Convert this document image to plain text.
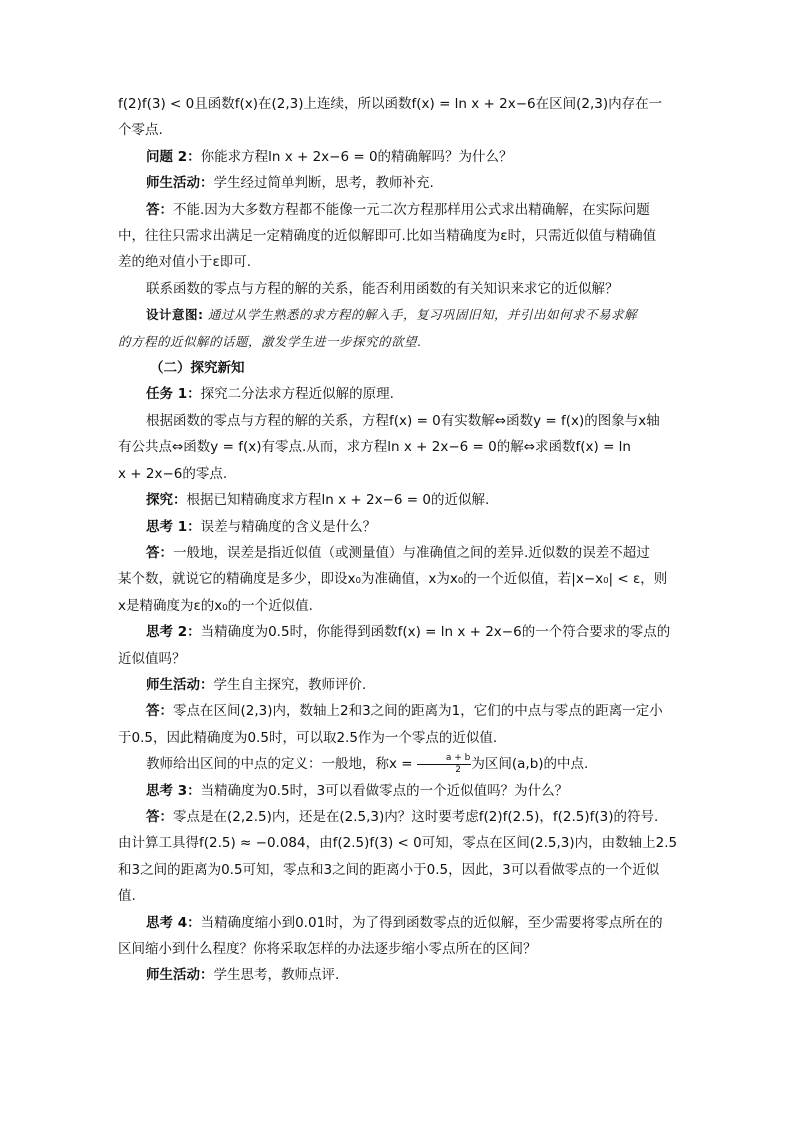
f(2)f(3) < 0且函数f(x)在(2,3)上连续，所以函数f(x) = ln x + 2x−6在区间(2,3)内存在一
个零点.

问题 2：你能求方程ln x + 2x−6 = 0的精确解吗？为什么？

师生活动：学生经过简单判断，思考，教师补充.

答：不能.因为大多数方程都不能像一元二次方程那样用公式求出精确解，在实际问题

中，往往只需求出满足一定精确度的近似解即可.比如当精确度为ε时，只需近似值与精确值
差的绝对值小于ε即可.

联系函数的零点与方程的解的关系，能否利用函数的有关知识来求它的近似解？

设计意图: 通过从学生熟悉的求方程的解入手，复习巩固旧知，并引出如何求不易求解

的方程的近似解的话题，激发学生进一步探究的欲望.

（二）探究新知

任务 1：探究二分法求方程近似解的原理.

根据函数的零点与方程的解的关系，方程f(x) = 0有实数解⇔函数y = f(x)的图象与x轴

有公共点⇔函数y = f(x)有零点.从而，求方程ln x + 2x−6 = 0的解⇔求函数f(x) = ln
x + 2x−6的零点.

探究：根据已知精确度求方程ln x + 2x−6 = 0的近似解.

思考 1：误差与精确度的含义是什么？

答：一般地，误差是指近似值（或测量值）与准确值之间的差异.近似数的误差不超过

某个数，就说它的精确度是多少，即设x₀为准确值，x为x₀的一个近似值，若|x−x₀| < ε，则
x是精确度为ε的x₀的一个近似值.

思考 2：当精确度为0.5时，你能得到函数f(x) = ln x + 2x−6的一个符合要求的零点的

近似值吗？

师生活动：学生自主探究，教师评价.

答：零点在区间(2,3)内，数轴上2和3之间的距离为1，它们的中点与零点的距离一定小

于0.5，因此精确度为0.5时，可以取2.5作为一个零点的近似值.

教师给出区间的中点的定义：一般地，称$x = \frac{a + b}{2}$ 为区间(a,b)的中点.

思考 3：当精确度为0.5时，3可以看做零点的一个近似值吗？为什么？

答：零点是在(2,2.5)内，还是在(2.5,3)内？这时要考虑f(2)f(2.5)，f(2.5)f(3)的符号.

由计算工具得f(2.5) ≈ −0.084，由f(2.5)f(3) < 0可知，零点在区间(2.5,3)内，由数轴上2.5
和3之间的距离为0.5可知，零点和3之间的距离小于0.5，因此，3可以看做零点的一个近似
值.

思考 4：当精确度缩小到0.01时，为了得到函数零点的近似解，至少需要将零点所在的

区间缩小到什么程度？你将采取怎样的办法逐步缩小零点所在的区间？

师生活动：学生思考，教师点评.
